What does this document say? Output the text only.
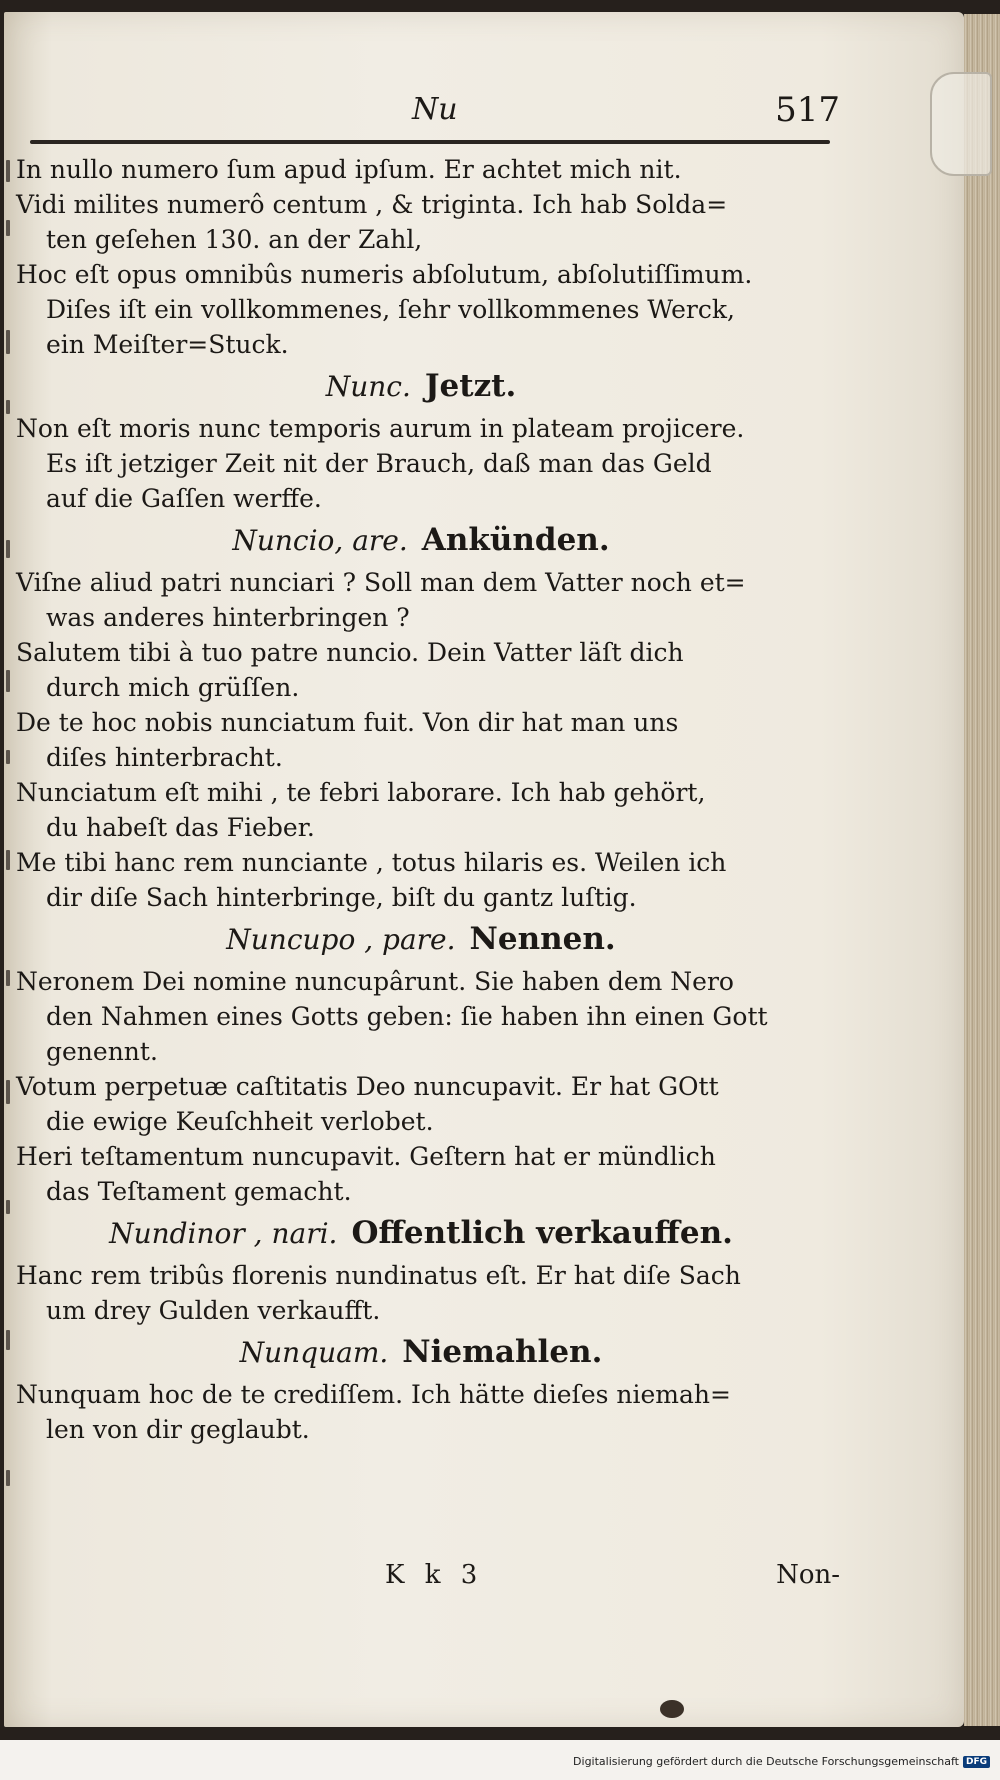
Nu	517
In nullo numero ſum apud ipſum. Er achtet mich nit.
Vidi milites numerô centum , & triginta. Ich hab Solda=
ten geſehen 130. an der Zahl,
Hoc eſt opus omnibûs numeris abſolutum, abſolutiſſimum.
Diſes iſt ein vollkommenes, ſehr vollkommenes Werck,
ein Meiſter=Stuck.
Nunc. Jetzt.
Non eſt moris nunc temporis aurum in plateam projicere.
Es iſt jetziger Zeit nit der Brauch, daß man das Geld
auf die Gaſſen werffe.
Nuncio, are. Ankünden.
Viſne aliud patri nunciari ? Soll man dem Vatter noch et=
was anderes hinterbringen ?
Salutem tibi à tuo patre nuncio. Dein Vatter läſt dich
durch mich grüſſen.
De te hoc nobis nunciatum fuit. Von dir hat man uns
diſes hinterbracht.
Nunciatum eſt mihi , te febri laborare. Ich hab gehört,
du habeſt das Fieber.
Me tibi hanc rem nunciante , totus hilaris es. Weilen ich
dir diſe Sach hinterbringe, biſt du gantz luſtig.
Nuncupo , pare. Nennen.
Neronem Dei nomine nuncupârunt. Sie haben dem Nero
den Nahmen eines Gotts geben: ſie haben ihn einen Gott
genennt.
Votum perpetuæ caſtitatis Deo nuncupavit. Er hat GOtt
die ewige Keuſchheit verlobet.
Heri teſtamentum nuncupavit. Geſtern hat er mündlich
das Teſtament gemacht.
Nundinor , nari. Offentlich verkauffen.
Hanc rem tribûs florenis nundinatus eſt. Er hat diſe Sach
um drey Gulden verkaufft.
Nunquam. Niemahlen.
Nunquam hoc de te crediſſem. Ich hätte dieſes niemah=
len von dir geglaubt.
K k 3	Non-
Digitalisierung gefördert durch die Deutsche Forschungsgemeinschaft DFG
